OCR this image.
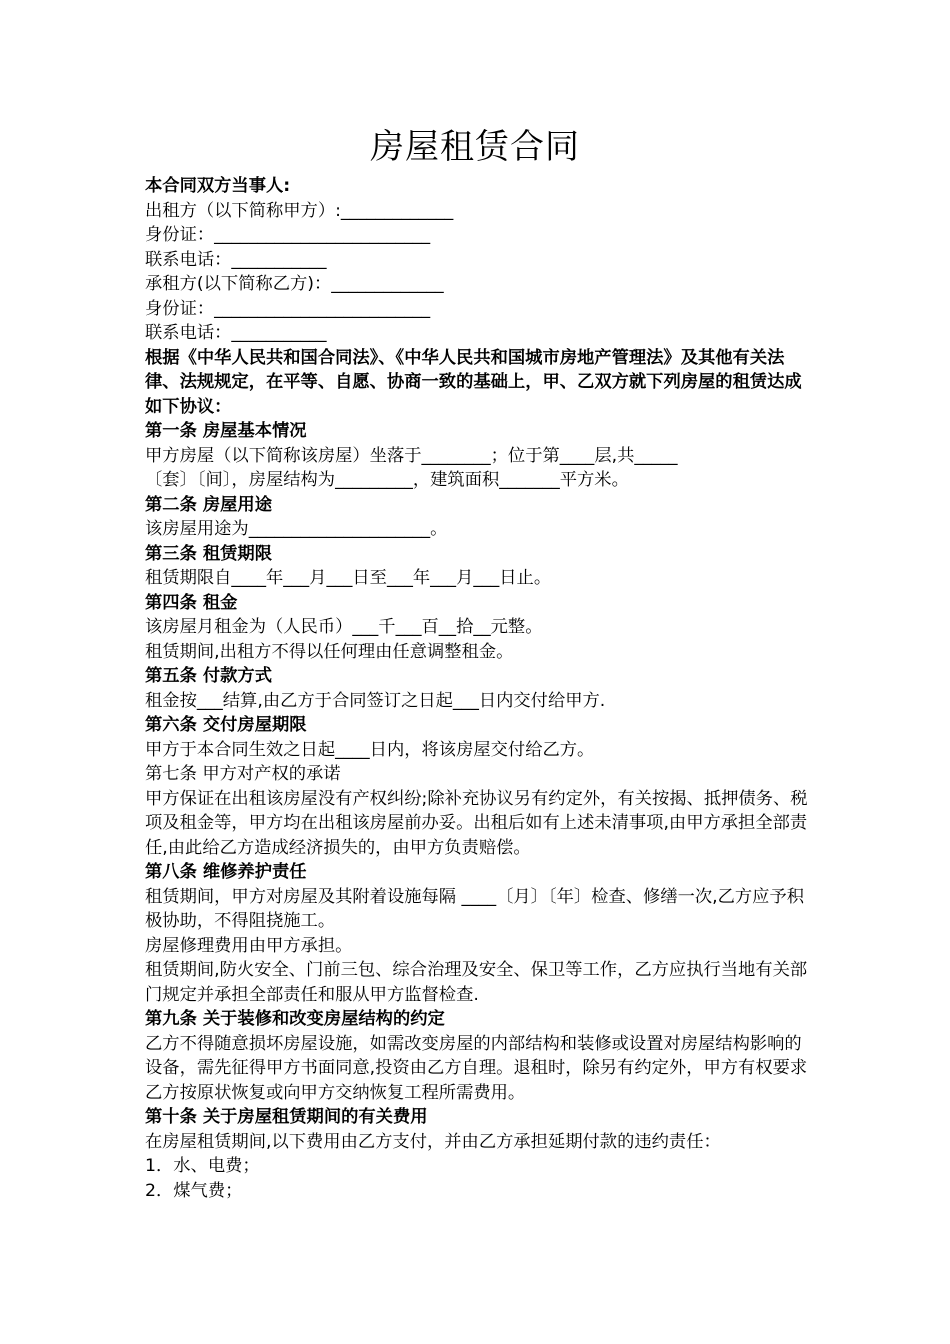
房屋租赁合同
本合同双方当事人:
出租方（以下简称甲方）:_____________
身份证：_________________________
联系电话：___________
承租方(以下简称乙方)：_____________
身份证：_________________________
联系电话：___________
根据《中华人民共和国合同法》、《中华人民共和国城市房地产管理法》及其他有关法律、法规规定，在平等、自愿、协商一致的基础上，甲、乙双方就下列房屋的租赁达成如下协议：
第一条 房屋基本情况
甲方房屋（以下简称该房屋）坐落于________；位于第____层,共_____
〔套〕〔间〕，房屋结构为_________，建筑面积_______平方米。
第二条 房屋用途
该房屋用途为_____________________。
第三条 租赁期限
租赁期限自____年___月___日至___年___月___日止。
第四条 租金
该房屋月租金为（人民币）___千___百__拾__元整。
租赁期间,出租方不得以任何理由任意调整租金。
第五条 付款方式
租金按___结算,由乙方于合同签订之日起___日内交付给甲方.
第六条 交付房屋期限
甲方于本合同生效之日起____日内，将该房屋交付给乙方。
第七条 甲方对产权的承诺
甲方保证在出租该房屋没有产权纠纷;除补充协议另有约定外，有关按揭、抵押债务、税项及租金等，甲方均在出租该房屋前办妥。出租后如有上述未清事项,由甲方承担全部责任,由此给乙方造成经济损失的，由甲方负责赔偿。
第八条 维修养护责任
租赁期间，甲方对房屋及其附着设施每隔 ____〔月〕〔年〕检查、修缮一次,乙方应予积极协助，不得阻挠施工。
房屋修理费用由甲方承担。
租赁期间,防火安全、门前三包、综合治理及安全、保卫等工作，乙方应执行当地有关部门规定并承担全部责任和服从甲方监督检查.
第九条 关于装修和改变房屋结构的约定
乙方不得随意损坏房屋设施，如需改变房屋的内部结构和装修或设置对房屋结构影响的设备，需先征得甲方书面同意,投资由乙方自理。退租时，除另有约定外，甲方有权要求乙方按原状恢复或向甲方交纳恢复工程所需费用。
第十条 关于房屋租赁期间的有关费用
在房屋租赁期间,以下费用由乙方支付，并由乙方承担延期付款的违约责任：
1．水、电费；
2．煤气费；
